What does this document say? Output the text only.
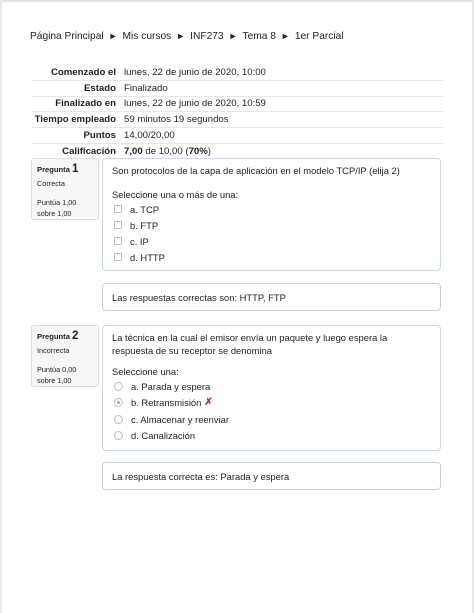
Página Principal ► Mis cursos ► INF273 ► Tema 8 ► 1er Parcial
Comenzado el lunes, 22 de junio de 2020, 10:00
Estado Finalizado
Finalizado en lunes, 22 de junio de 2020, 10:59
Tiempo empleado 59 minutos 19 segundos
Puntos 14,00/20,00
Calificación 7,00 de 10,00 (70%)
Pregunta 1
Correcta
Puntúa 1,00 sobre 1,00
Son protocolos de la capa de aplicación en el modelo TCP/IP (elija 2)
Seleccione una o más de una:
a. TCP
b. FTP
c. IP
d. HTTP
Las respuestas correctas son: HTTP, FTP
Pregunta 2
Incorrecta
Puntúa 0,00 sobre 1,00
La técnica en la cual el emisor envía un paquete y luego espera la respuesta de su receptor se denomina
Seleccione una:
a. Parada y espera
b. Retransmisión ✗
c. Almacenar y reenviar
d. Canalización
La respuesta correcta es: Parada y espera
